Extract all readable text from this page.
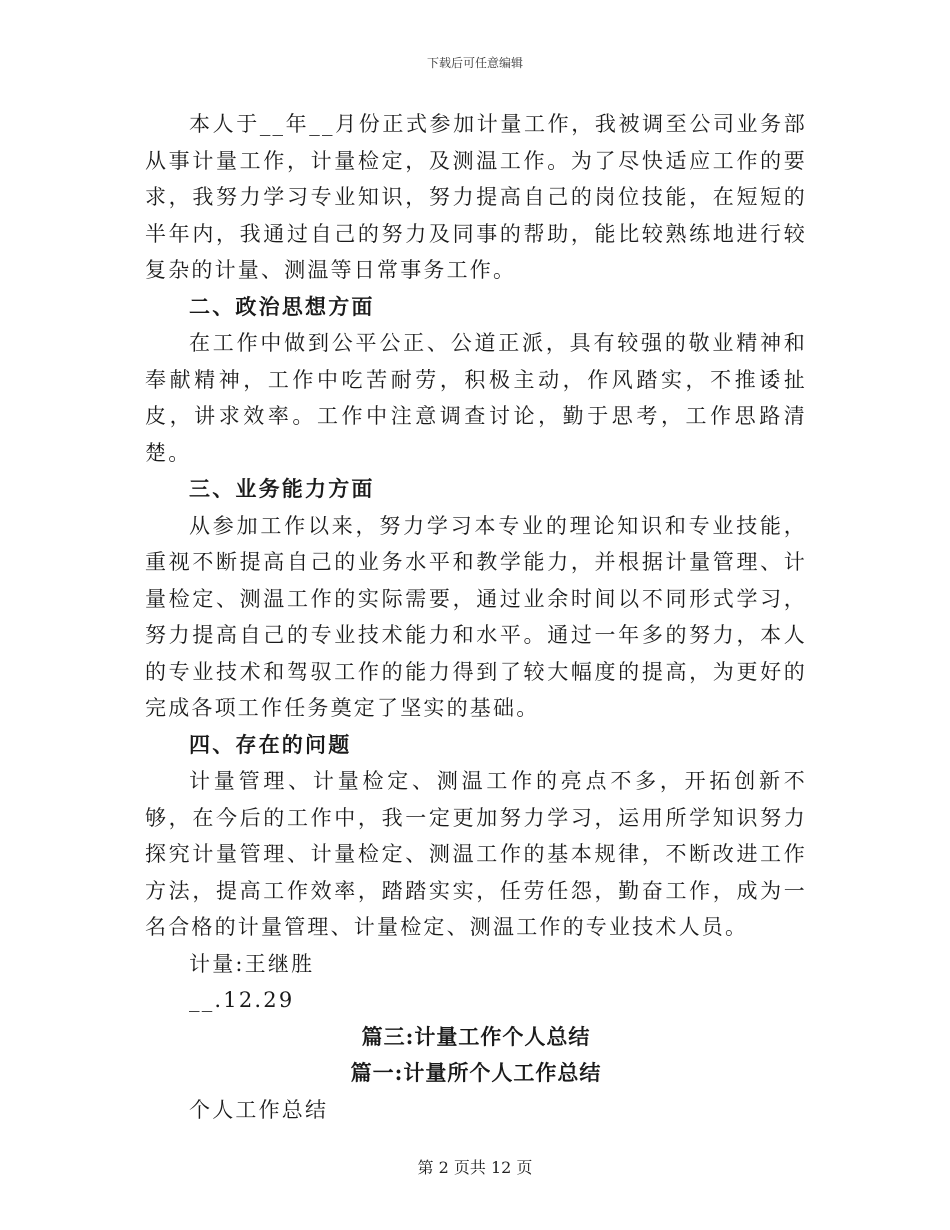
下载后可任意编辑

本人于__年__月份正式参加计量工作，我被调至公司业务部从事计量工作，计量检定，及测温工作。为了尽快适应工作的要求，我努力学习专业知识，努力提高自己的岗位技能，在短短的半年内，我通过自己的努力及同事的帮助，能比较熟练地进行较复杂的计量、测温等日常事务工作。

二、政治思想方面

在工作中做到公平公正、公道正派，具有较强的敬业精神和奉献精神，工作中吃苦耐劳，积极主动，作风踏实，不推诿扯皮，讲求效率。工作中注意调查讨论，勤于思考，工作思路清楚。

三、业务能力方面

从参加工作以来，努力学习本专业的理论知识和专业技能，重视不断提高自己的业务水平和教学能力，并根据计量管理、计量检定、测温工作的实际需要，通过业余时间以不同形式学习，努力提高自己的专业技术能力和水平。通过一年多的努力，本人的专业技术和驾驭工作的能力得到了较大幅度的提高，为更好的完成各项工作任务奠定了坚实的基础。

四、存在的问题

计量管理、计量检定、测温工作的亮点不多，开拓创新不够，在今后的工作中，我一定更加努力学习，运用所学知识努力探究计量管理、计量检定、测温工作的基本规律，不断改进工作方法，提高工作效率，踏踏实实，任劳任怨，勤奋工作，成为一名合格的计量管理、计量检定、测温工作的专业技术人员。

计量:王继胜

__.12.29

篇三:计量工作个人总结

篇一:计量所个人工作总结

个人工作总结

第 2 页共 12 页
